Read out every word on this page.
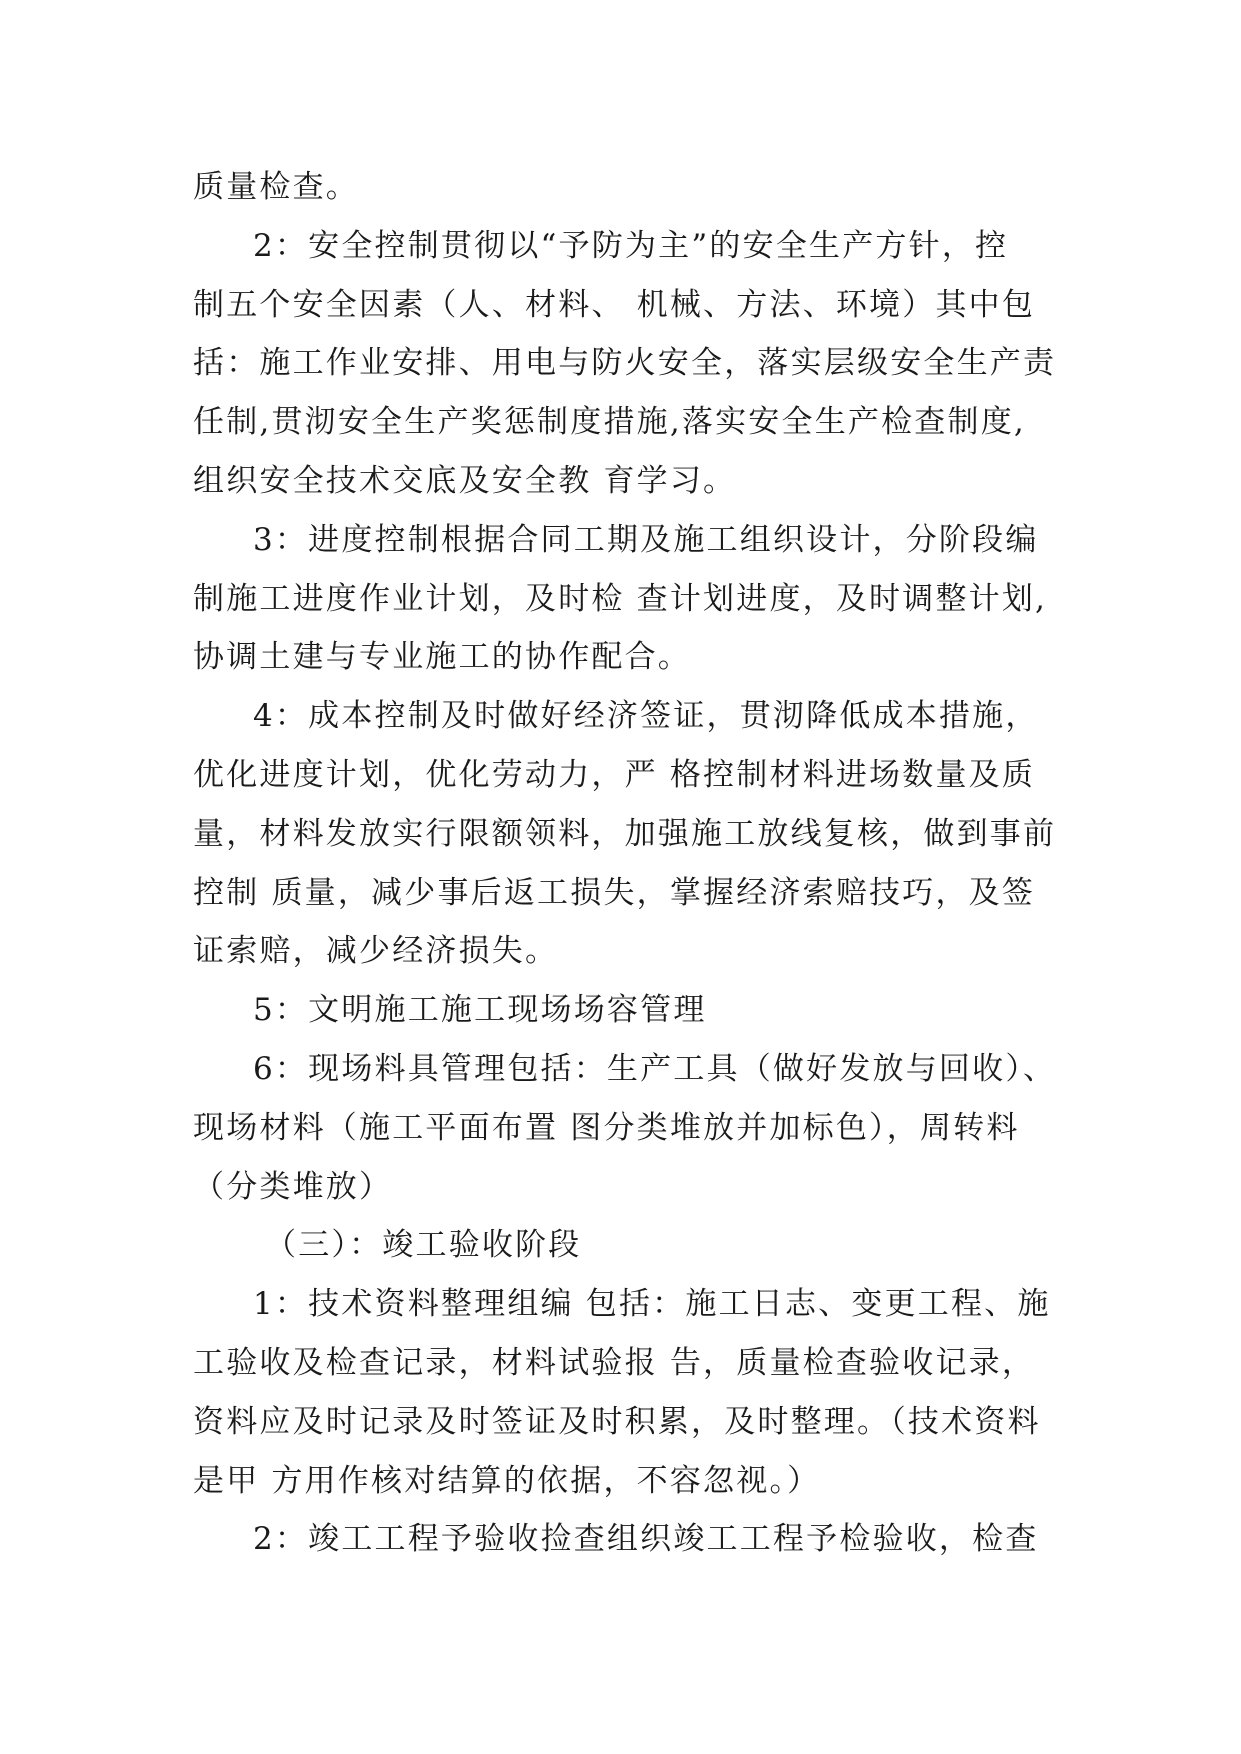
质量检查。
2：安全控制贯彻以“予防为主”的安全生产方针，控
制五个安全因素（人、材料、 机械、方法、环境）其中包
括：施工作业安排、用电与防火安全，落实层级安全生产责
任制,贯沏安全生产奖惩制度措施,落实安全生产检查制度,
组织安全技术交底及安全教 育学习。
3：进度控制根据合同工期及施工组织设计，分阶段编
制施工进度作业计划，及时检 查计划进度，及时调整计划,
协调土建与专业施工的协作配合。
4：成本控制及时做好经济签证，贯沏降低成本措施，
优化进度计划，优化劳动力，严 格控制材料进场数量及质
量，材料发放实行限额领料，加强施工放线复核，做到事前
控制 质量，减少事后返工损失，掌握经济索赔技巧，及签
证索赔，减少经济损失。
5：文明施工施工现场场容管理
6：现场料具管理包括：生产工具（做好发放与回收）、
现场材料（施工平面布置 图分类堆放并加标色），周转料
（分类堆放）
（三）：竣工验收阶段
1：技术资料整理组编 包括：施工日志、变更工程、施
工验收及检查记录，材料试验报 告，质量检查验收记录，
资料应及时记录及时签证及时积累，及时整理。（技术资料
是甲 方用作核对结算的依据，不容忽视。）
2：竣工工程予验收捡查组织竣工工程予检验收，检查
